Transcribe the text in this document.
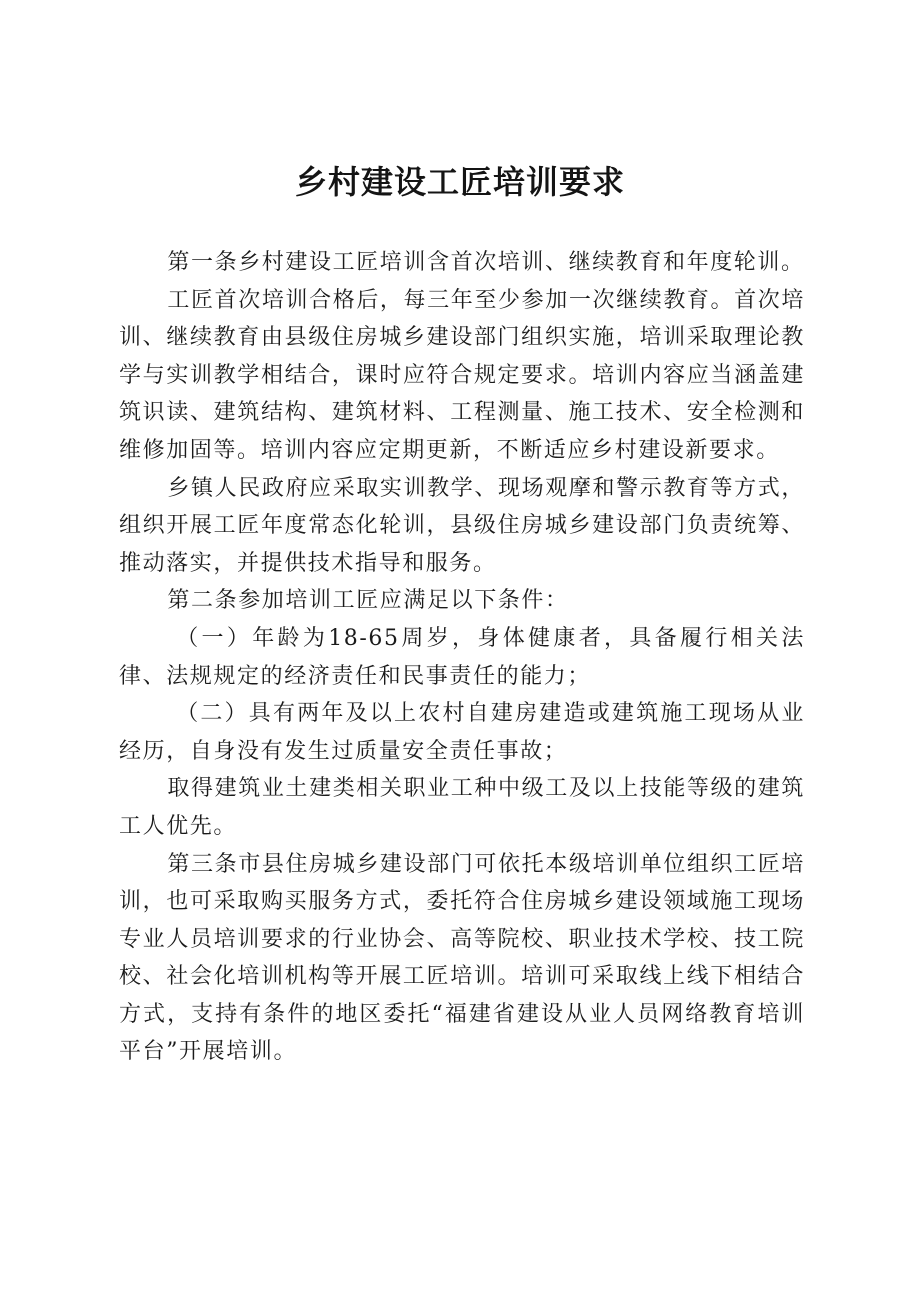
乡村建设工匠培训要求

第一条乡村建设工匠培训含首次培训、继续教育和年度轮训。

工匠首次培训合格后，每三年至少参加一次继续教育。首次培训、继续教育由县级住房城乡建设部门组织实施，培训采取理论教学与实训教学相结合，课时应符合规定要求。培训内容应当涵盖建筑识读、建筑结构、建筑材料、工程测量、施工技术、安全检测和维修加固等。培训内容应定期更新，不断适应乡村建设新要求。

乡镇人民政府应采取实训教学、现场观摩和警示教育等方式，组织开展工匠年度常态化轮训，县级住房城乡建设部门负责统筹、推动落实，并提供技术指导和服务。

第二条参加培训工匠应满足以下条件：

（一）年龄为18-65周岁，身体健康者，具备履行相关法律、法规规定的经济责任和民事责任的能力；

（二）具有两年及以上农村自建房建造或建筑施工现场从业经历，自身没有发生过质量安全责任事故；

取得建筑业土建类相关职业工种中级工及以上技能等级的建筑工人优先。

第三条市县住房城乡建设部门可依托本级培训单位组织工匠培训，也可采取购买服务方式，委托符合住房城乡建设领域施工现场专业人员培训要求的行业协会、高等院校、职业技术学校、技工院校、社会化培训机构等开展工匠培训。培训可采取线上线下相结合方式，支持有条件的地区委托“福建省建设从业人员网络教育培训平台”开展培训。
